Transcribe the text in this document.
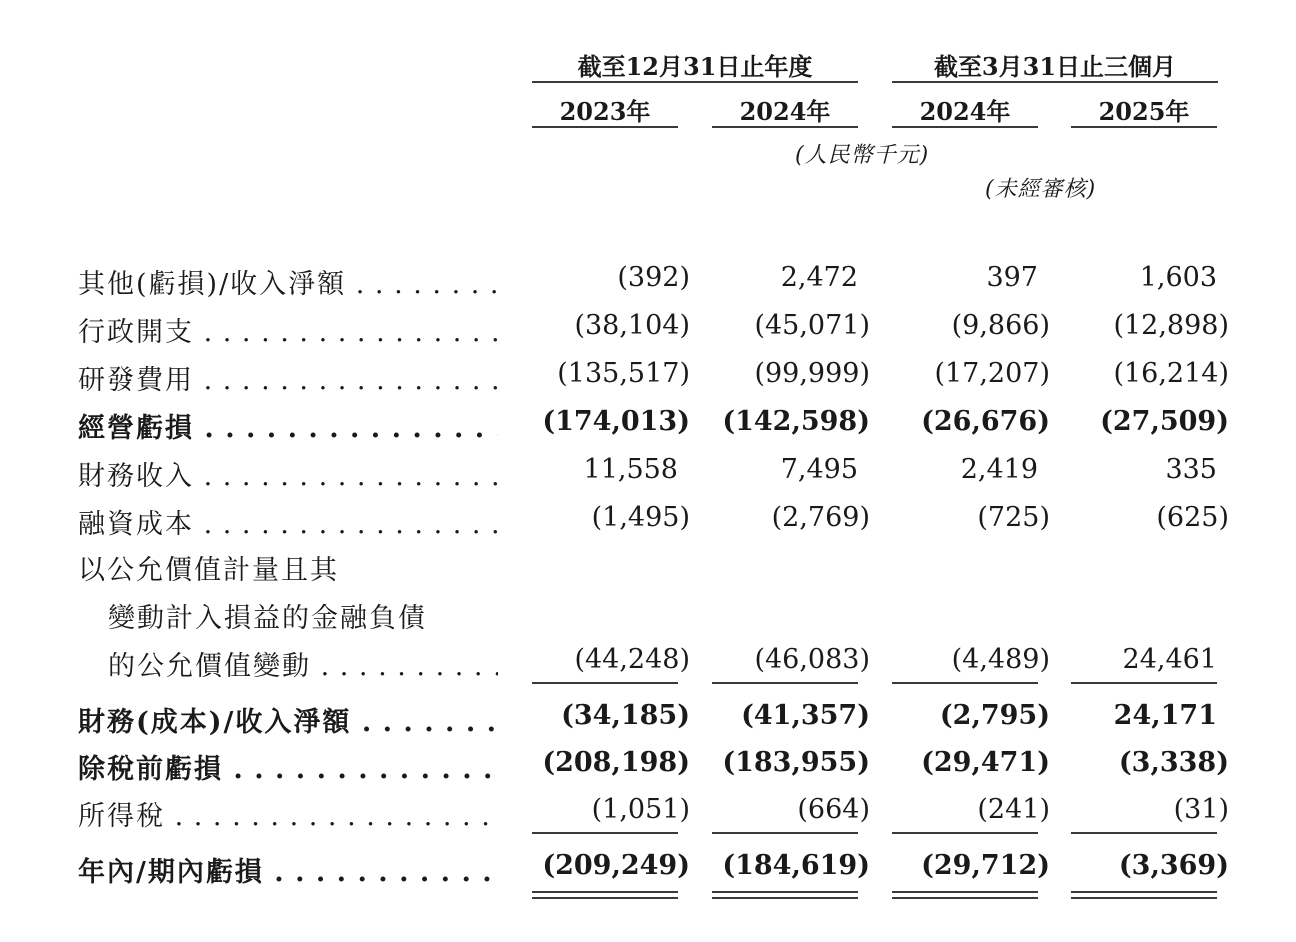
截至12月31日止年度	截至3月31日止三個月
2023年	2024年	2024年	2025年
(人民幣千元)
(未經審核)
其他(虧損)/收入淨額 . . .	(392)	2,472	397	1,603
行政開支 . . .	(38,104)	(45,071)	(9,866)	(12,898)
研發費用 . . .	(135,517)	(99,999)	(17,207)	(16,214)
經營虧損 . . .	(174,013)	(142,598)	(26,676)	(27,509)
財務收入 . . .	11,558	7,495	2,419	335
融資成本 . . .	(1,495)	(2,769)	(725)	(625)
以公允價值計量且其
變動計入損益的金融負債
的公允價值變動 . . .	(44,248)	(46,083)	(4,489)	24,461
財務(成本)/收入淨額 . . .	(34,185)	(41,357)	(2,795)	24,171
除稅前虧損 . . .	(208,198)	(183,955)	(29,471)	(3,338)
所得稅 . . .	(1,051)	(664)	(241)	(31)
年內/期內虧損 . . .	(209,249)	(184,619)	(29,712)	(3,369)
